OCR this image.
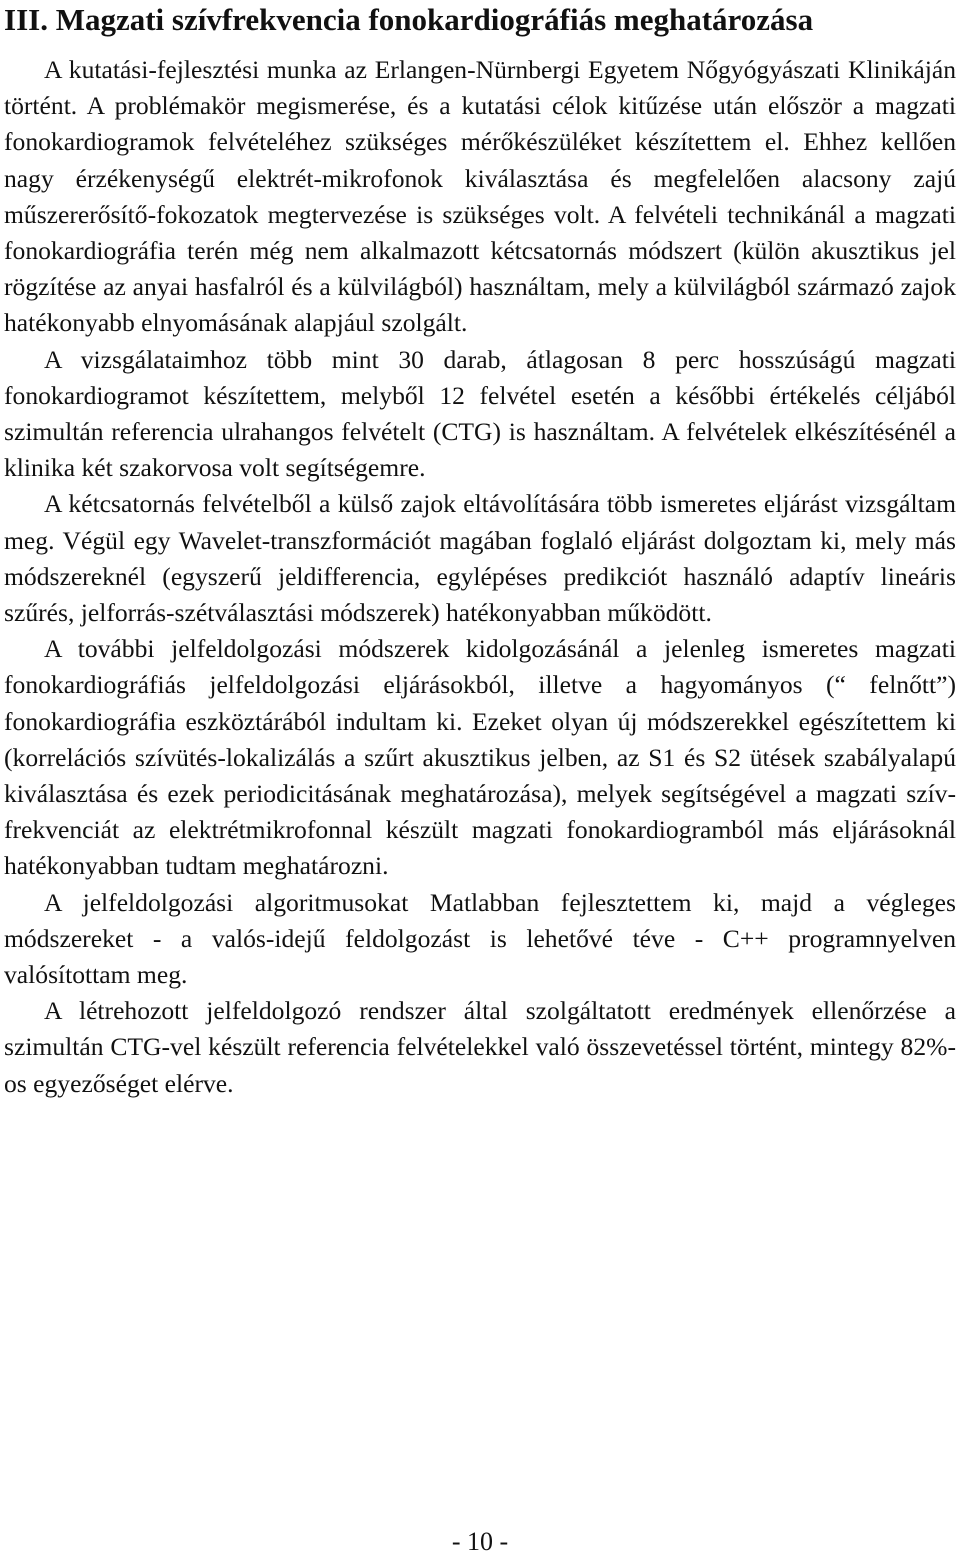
III. Magzati szívfrekvencia fonokardiográfiás meghatározása

A kutatási-fejlesztési munka az Erlangen-Nürnbergi Egyetem Nőgyógyászati Klinikáján történt. A problémakör megismerése, és a kutatási célok kitűzése után először a magzati fonokardiogramok felvételéhez szükséges mérőkészüléket készítettem el. Ehhez kellően nagy érzékenységű elektrét-mikrofonok kiválasztása és megfelelően alacsony zajú műszererősítő-fokozatok megtervezése is szükséges volt. A felvételi technikánál a magzati fonokardiográfia terén még nem alkalmazott kétcsatornás módszert (külön akusztikus jel rögzítése az anyai hasfalról és a külvilágból) használtam, mely a külvilágból származó zajok hatékonyabb elnyomásának alapjául szolgált.

A vizsgálataimhoz több mint 30 darab, átlagosan 8 perc hosszúságú magzati fonokardiogramot készítettem, melyből 12 felvétel esetén a későbbi értékelés céljából szimultán referencia ulrahangos felvételt (CTG) is használtam. A felvételek elkészítésénél a klinika két szakorvosa volt segítségemre.

A kétcsatornás felvételből a külső zajok eltávolítására több ismeretes eljárást vizsgáltam meg. Végül egy Wavelet-transzformációt magában foglaló eljárást dolgoztam ki, mely más módszereknél (egyszerű jeldifferencia, egylépéses predikciót használó adaptív lineáris szűrés, jelforrás-szétválasztási módszerek) hatékonyabban működött.

A további jelfeldolgozási módszerek kidolgozásánál a jelenleg ismeretes magzati fonokardiográfiás jelfeldolgozási eljárásokból, illetve a hagyományos (“ felnőtt”) fonokardiográfia eszköztárából indultam ki. Ezeket olyan új módszerekkel egészítettem ki (korrelációs szívütés-lokalizálás a szűrt akusztikus jelben, az S1 és S2 ütések szabályalapú kiválasztása és ezek periodicitásának meghatározása), melyek segítségével a magzati szív-frekvenciát az elektrétmikrofonnal készült magzati fonokardiogramból más eljárásoknál hatékonyabban tudtam meghatározni.

A jelfeldolgozási algoritmusokat Matlabban fejlesztettem ki, majd a végleges módszereket - a valós-idejű feldolgozást is lehetővé téve - C++ programnyelven valósítottam meg.

A létrehozott jelfeldolgozó rendszer által szolgáltatott eredmények ellenőrzése a szimultán CTG-vel készült referencia felvételekkel való összevetéssel történt, mintegy 82%-os egyezőséget elérve.

- 10 -
